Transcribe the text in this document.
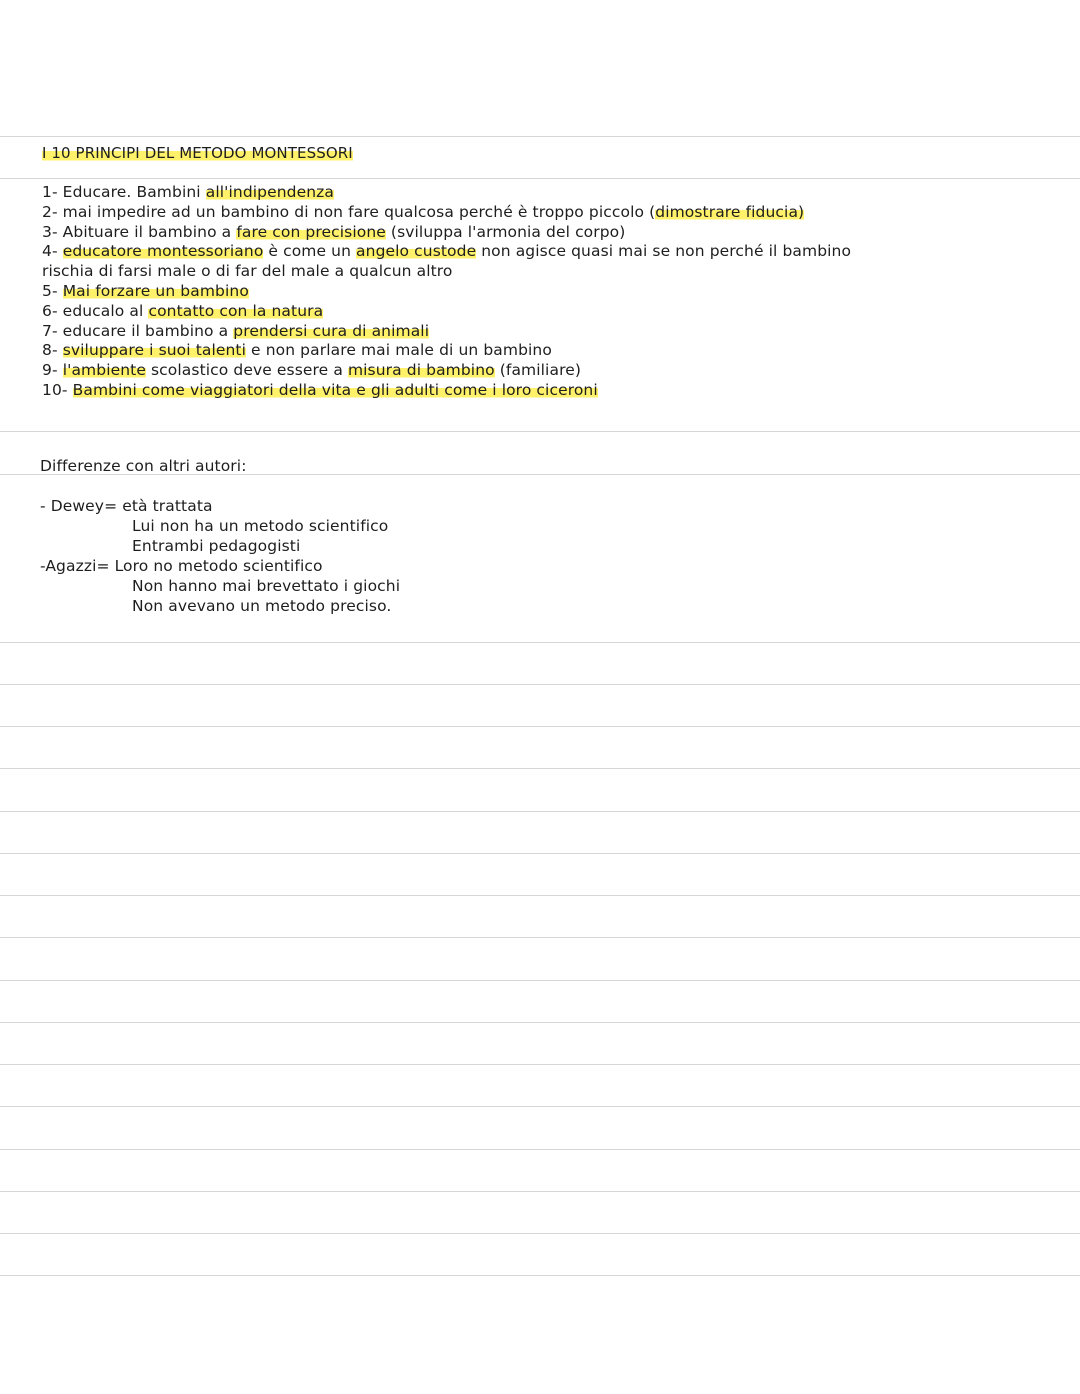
I 10 PRINCIPI DEL METODO MONTESSORI
1- Educare. Bambini all'indipendenza
2- mai impedire ad un bambino di non fare qualcosa perché è troppo piccolo (dimostrare fiducia)
3- Abituare il bambino a fare con precisione (sviluppa l'armonia del corpo)
4- educatore montessoriano è come un angelo custode non agisce quasi mai se non perché il bambino
rischia di farsi male o di far del male a qualcun altro
5- Mai forzare un bambino
6- educalo al contatto con la natura
7- educare il bambino a prendersi cura di animali
8- sviluppare i suoi talenti e non parlare mai male di un bambino
9- l'ambiente scolastico deve essere a misura di bambino (familiare)
10- Bambini come viaggiatori della vita e gli adulti come i loro ciceroni
Differenze con altri autori:
- Dewey= età trattata
Lui non ha un metodo scientifico
Entrambi pedagogisti
-Agazzi= Loro no metodo scientifico
Non hanno mai brevettato i giochi
Non avevano un metodo preciso.
